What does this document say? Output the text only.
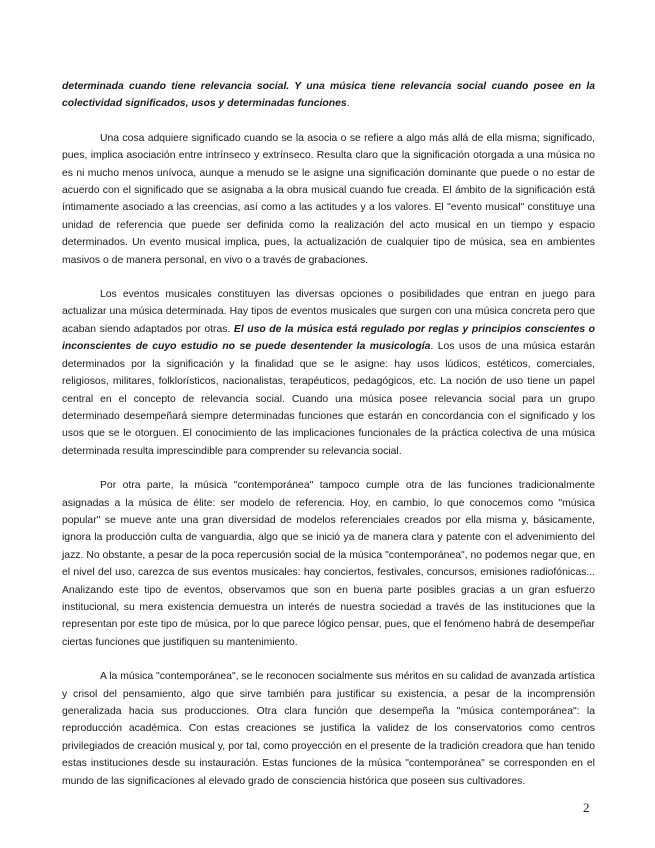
determinada cuando tiene relevancia social. Y una música tiene relevancia social cuando posee en la colectividad significados, usos y determinadas funciones.

Una cosa adquiere significado cuando se la asocia o se refiere a algo más allá de ella misma; significado, pues, implica asociación entre intrínseco y extrínseco. Resulta claro que la significación otorgada a una música no es ni mucho menos unívoca, aunque a menudo se le asigne una significación dominante que puede o no estar de acuerdo con el significado que se asignaba a la obra musical cuando fue creada. El ámbito de la significación está íntimamente asociado a las creencias, así como a las actitudes y a los valores. El "evento musical" constituye una unidad de referencia que puede ser definida como la realización del acto musical en un tiempo y espacio determinados. Un evento musical implica, pues, la actualización de cualquier tipo de música, sea en ambientes masivos o de manera personal, en vivo o a través de grabaciones.

Los eventos musicales constituyen las diversas opciones o posibilidades que entran en juego para actualizar una música determinada. Hay tipos de eventos musicales que surgen con una música concreta pero que acaban siendo adaptados por otras. El uso de la música está regulado por reglas y principios conscientes o inconscientes de cuyo estudio no se puede desentender la musicología. Los usos de una música estarán determinados por la significación y la finalidad que se le asigne: hay usos lúdicos, estéticos, comerciales, religiosos, militares, folklorísticos, nacionalistas, terapéuticos, pedagógicos, etc. La noción de uso tiene un papel central en el concepto de relevancia social. Cuando una música posee relevancia social para un grupo determinado desempeñará siempre determinadas funciones que estarán en concordancia con el significado y los usos que se le otorguen. El conocimiento de las implicaciones funcionales de la práctica colectiva de una música determinada resulta imprescindible para comprender su relevancia social.

Por otra parte, la música "contemporánea" tampoco cumple otra de las funciones tradicionalmente asignadas a la música de élite: ser modelo de referencia. Hoy, en cambio, lo que conocemos como "música popular" se mueve ante una gran diversidad de modelos referenciales creados por ella misma y, básicamente, ignora la producción culta de vanguardia, algo que se inició ya de manera clara y patente con el advenimiento del jazz. No obstante, a pesar de la poca repercusión social de la música "contemporánea", no podemos negar que, en el nivel del uso, carezca de sus eventos musicales: hay conciertos, festivales, concursos, emisiones radiofónicas... Analizando este tipo de eventos, observamos que son en buena parte posibles gracias a un gran esfuerzo institucional, su mera existencia demuestra un interés de nuestra sociedad a través de las instituciones que la representan por este tipo de música, por lo que parece lógico pensar, pues, que el fenómeno habrá de desempeñar ciertas funciones que justifiquen su mantenimiento.

A la música "contemporánea", se le reconocen socialmente sus méritos en su calidad de avanzada artística y crisol del pensamiento, algo que sirve también para justificar su existencia, a pesar de la incomprensión generalizada hacia sus producciones. Otra clara función que desempeña la "música contemporánea": la reproducción académica. Con estas creaciones se justifica la validez de los conservatorios como centros privilegiados de creación musical y, por tal, como proyección en el presente de la tradición creadora que han tenido estas instituciones desde su instauración. Estas funciones de la música "contemporánea" se corresponden en el mundo de las significaciones al elevado grado de consciencia histórica que poseen sus cultivadores.

2
